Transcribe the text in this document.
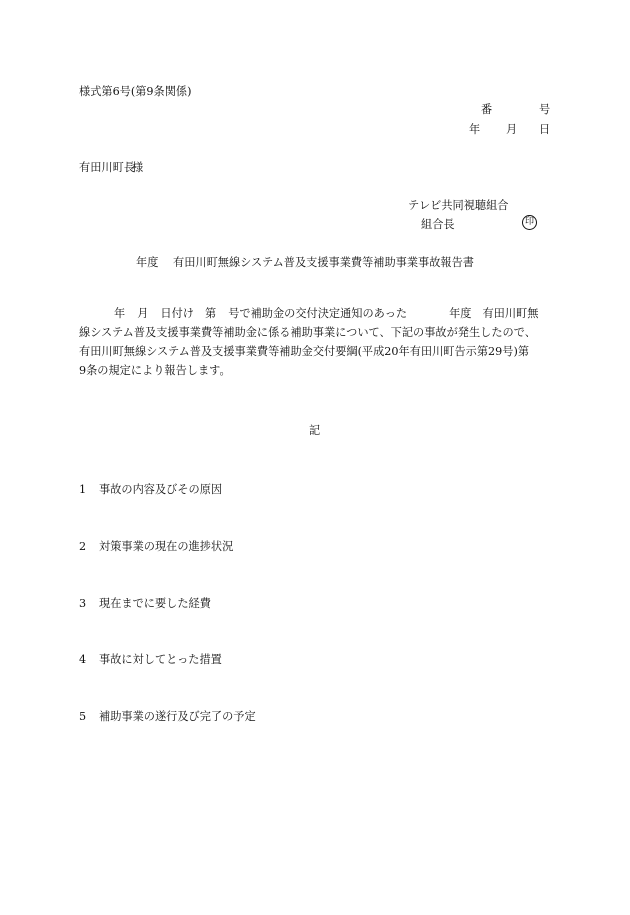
様式第6号(第9条関係)
番	号
年 月 日
有田川町長
様
テレビ共同視聴組合
組合長	印
年度 有田川町無線システム普及支援事業費等補助事業事故報告書
年 月 日付け 第 号で補助金の交付決定通知のあった	年度 有田川町無
線システム普及支援事業費等補助金に係る補助事業について、下記の事故が発生したので、
有田川町無線システム普及支援事業費等補助金交付要綱(平成20年有田川町告示第29号)第
9条の規定により報告します。
記
1 事故の内容及びその原因
2 対策事業の現在の進捗状況
3 現在までに要した経費
4 事故に対してとった措置
5 補助事業の遂行及び完了の予定
